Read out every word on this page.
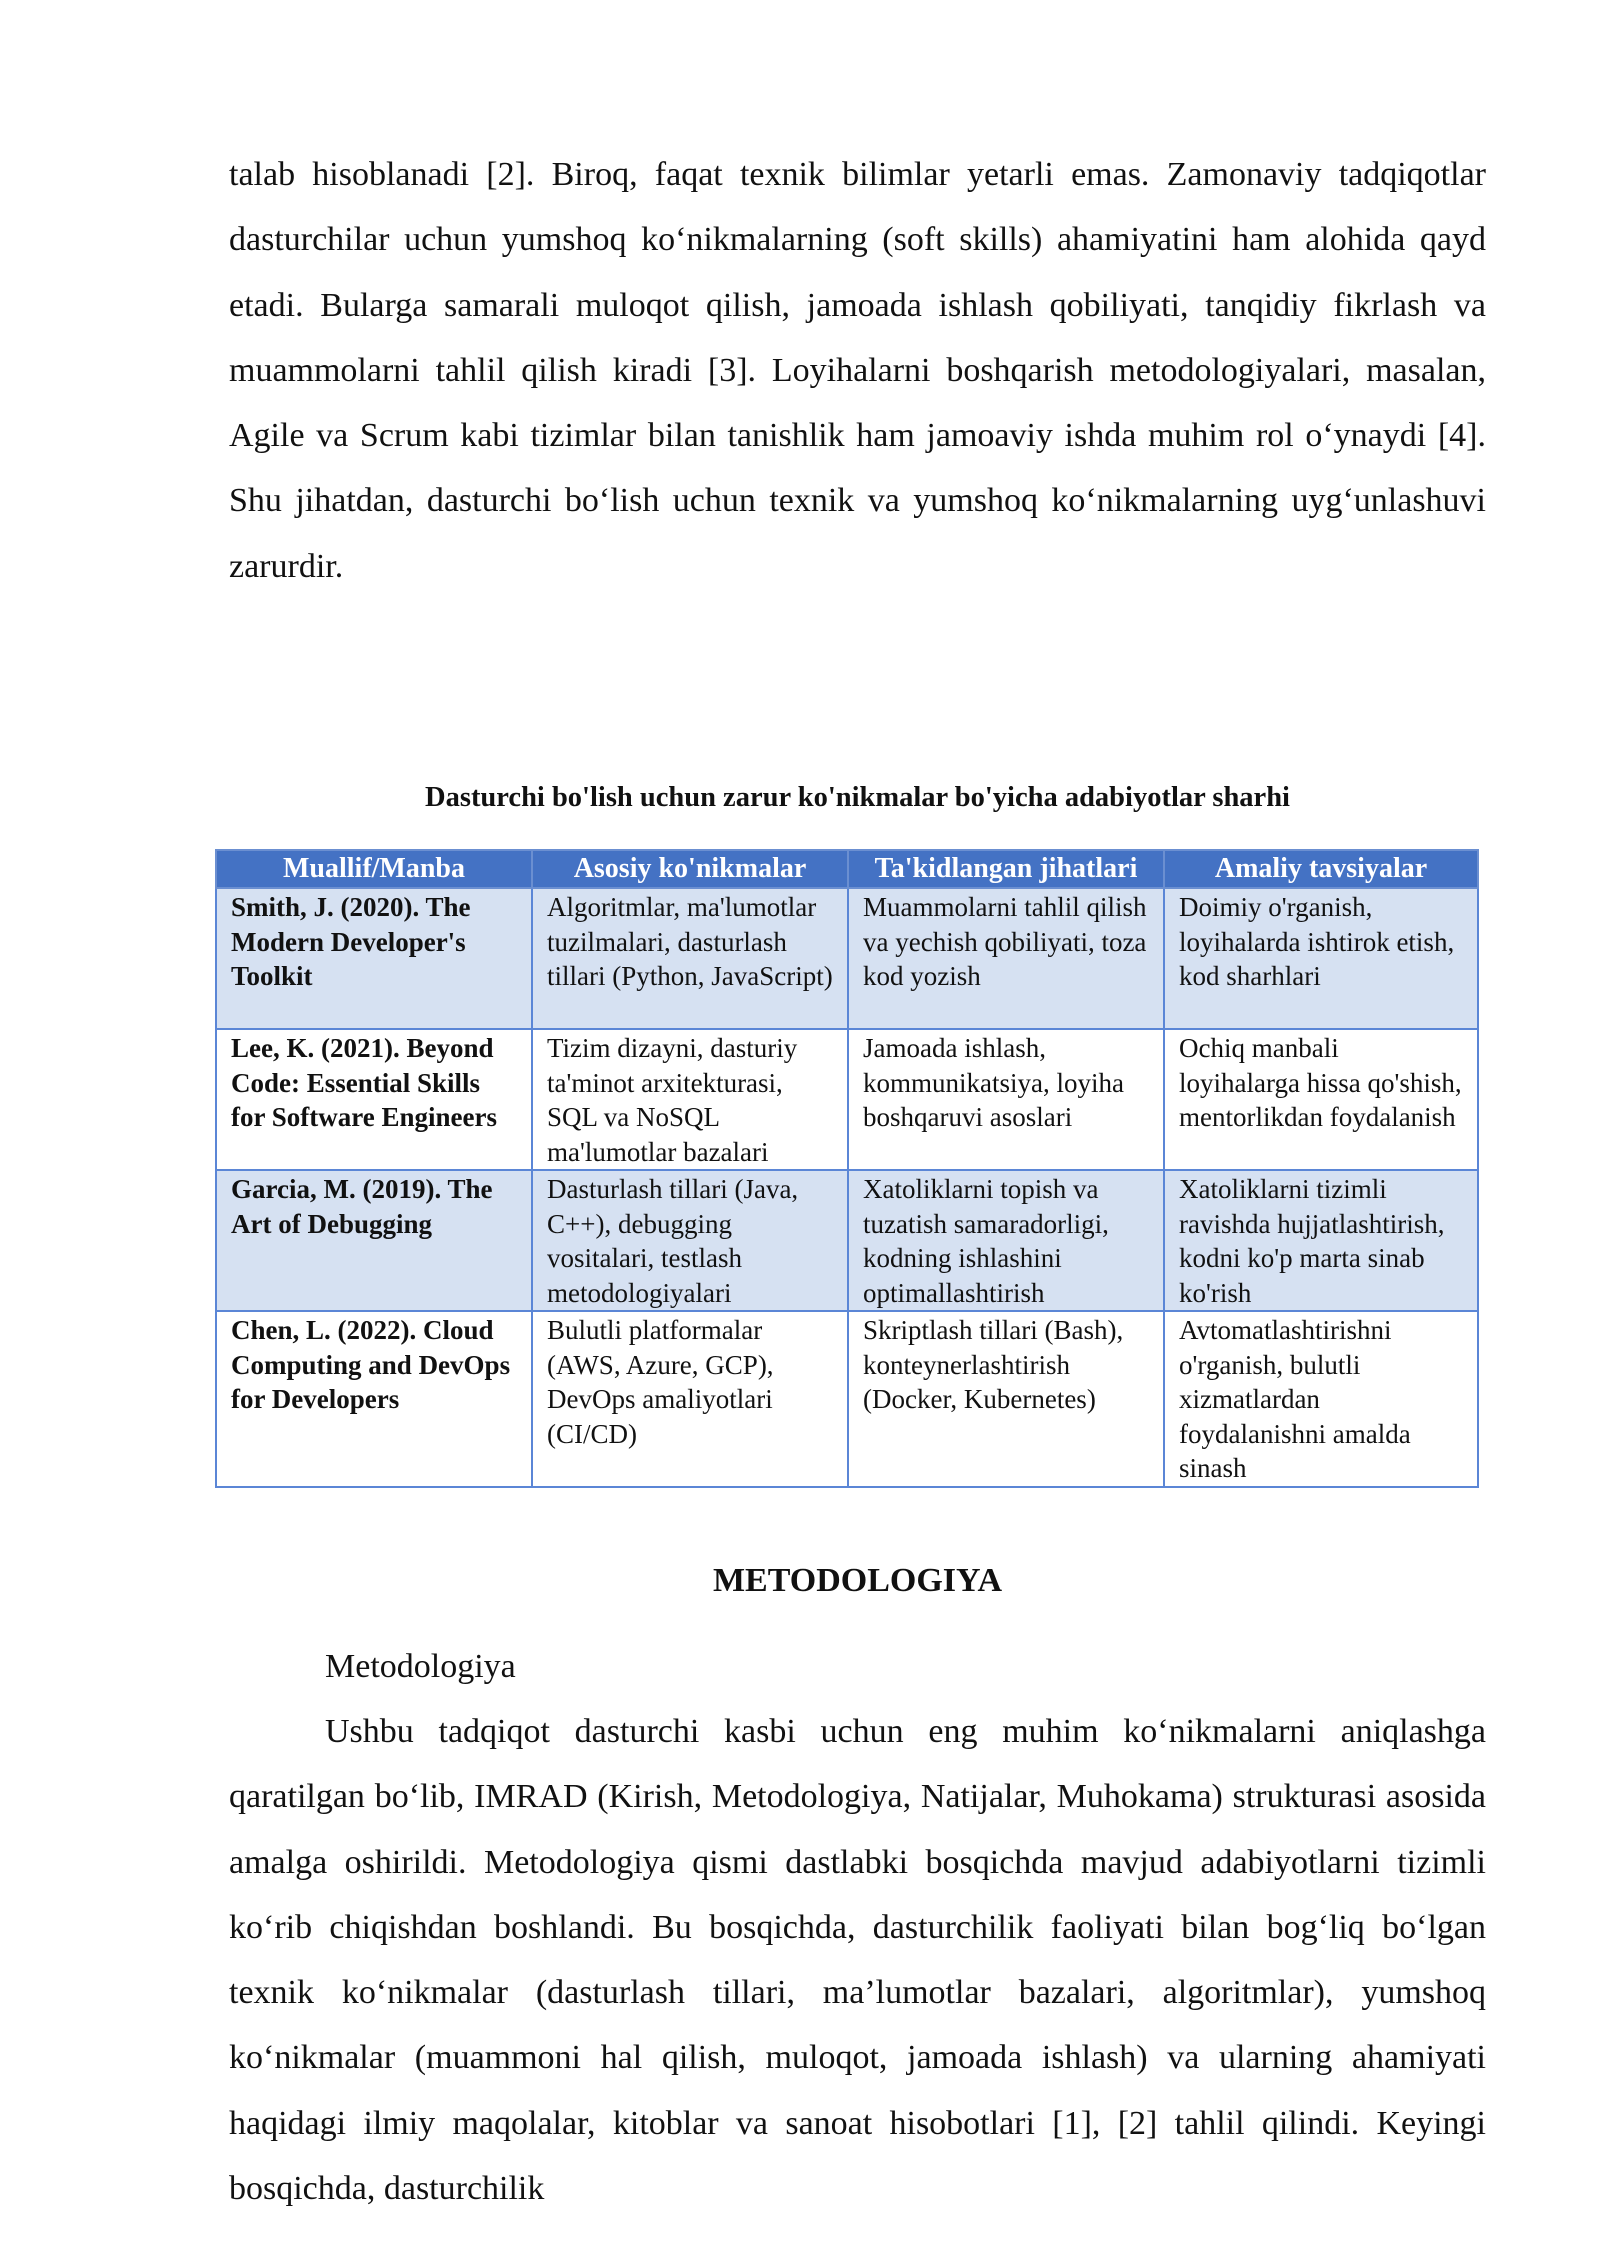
talab hisoblanadi [2]. Biroq, faqat texnik bilimlar yetarli emas. Zamonaviy tadqiqotlar dasturchilar uchun yumshoq ko‘nikmalarning (soft skills) ahamiyatini ham alohida qayd etadi. Bularga samarali muloqot qilish, jamoada ishlash qobiliyati, tanqidiy fikrlash va muammolarni tahlil qilish kiradi [3]. Loyihalarni boshqarish metodologiyalari, masalan, Agile va Scrum kabi tizimlar bilan tanishlik ham jamoaviy ishda muhim rol o‘ynaydi [4]. Shu jihatdan, dasturchi bo‘lish uchun texnik va yumshoq ko‘nikmalarning uyg‘unlashuvi zarurdir.

Dasturchi bo'lish uchun zarur ko'nikmalar bo'yicha adabiyotlar sharhi

Muallif/Manba	Asosiy ko'nikmalar	Ta'kidlangan jihatlari	Amaliy tavsiyalar
Smith, J. (2020). The Modern Developer's Toolkit	Algoritmlar, ma'lumotlar tuzilmalari, dasturlash tillari (Python, JavaScript)	Muammolarni tahlil qilish va yechish qobiliyati, toza kod yozish	Doimiy o'rganish, loyihalarda ishtirok etish, kod sharhlari
Lee, K. (2021). Beyond Code: Essential Skills for Software Engineers	Tizim dizayni, dasturiy ta'minot arxitekturasi, SQL va NoSQL ma'lumotlar bazalari	Jamoada ishlash, kommunikatsiya, loyiha boshqaruvi asoslari	Ochiq manbali loyihalarga hissa qo'shish, mentorlikdan foydalanish
Garcia, M. (2019). The Art of Debugging	Dasturlash tillari (Java, C++), debugging vositalari, testlash metodologiyalari	Xatoliklarni topish va tuzatish samaradorligi, kodning ishlashini optimallashtirish	Xatoliklarni tizimli ravishda hujjatlashtirish, kodni ko'p marta sinab ko'rish
Chen, L. (2022). Cloud Computing and DevOps for Developers	Bulutli platformalar (AWS, Azure, GCP), DevOps amaliyotlari (CI/CD)	Skriptlash tillari (Bash), konteynerlashtirish (Docker, Kubernetes)	Avtomatlashtirishni o'rganish, bulutli xizmatlardan foydalanishni amalda sinash
METODOLOGIYA

Metodologiya

Ushbu tadqiqot dasturchi kasbi uchun eng muhim ko‘nikmalarni aniqlashga qaratilgan bo‘lib, IMRAD (Kirish, Metodologiya, Natijalar, Muhokama) strukturasi asosida amalga oshirildi. Metodologiya qismi dastlabki bosqichda mavjud adabiyotlarni tizimli ko‘rib chiqishdan boshlandi. Bu bosqichda, dasturchilik faoliyati bilan bog‘liq bo‘lgan texnik ko‘nikmalar (dasturlash tillari, ma’lumotlar bazalari, algoritmlar), yumshoq ko‘nikmalar (muammoni hal qilish, muloqot, jamoada ishlash) va ularning ahamiyati haqidagi ilmiy maqolalar, kitoblar va sanoat hisobotlari [1], [2] tahlil qilindi. Keyingi bosqichda, dasturchilik
